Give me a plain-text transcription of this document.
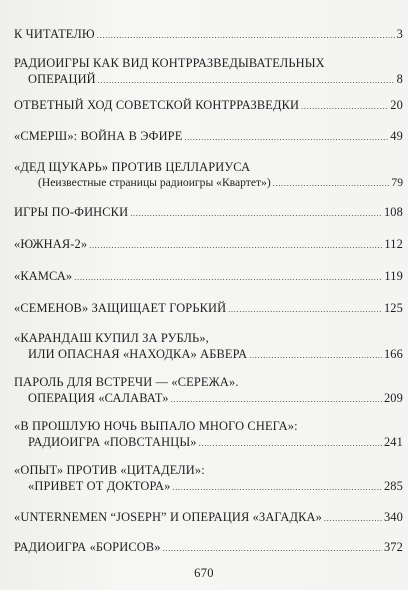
К ЧИТАТЕЛЮ . . .	3
РАДИОИГРЫ КАК ВИД КОНТРРАЗВЕДЫВАТЕЛЬНЫХ
ОПЕРАЦИЙ . . .	8
ОТВЕТНЫЙ ХОД СОВЕТСКОЙ КОНТРРАЗВЕДКИ . . .	20
«СМЕРШ»: ВОЙНА В ЭФИРЕ . . .	49
«ДЕД ЩУКАРЬ» ПРОТИВ ЦЕЛЛАРИУСА
(Неизвестные страницы радиоигры «Квартет») . . .	79
ИГРЫ ПО-ФИНСКИ . . .	108
«ЮЖНАЯ-2» . . .	112
«КАМСА» . . .	119
«СЕМЕНОВ» ЗАЩИЩАЕТ ГОРЬКИЙ . . .	125
«КАРАНДАШ КУПИЛ ЗА РУБЛЬ»,
ИЛИ ОПАСНАЯ «НАХОДКА» АБВЕРА . . .	166
ПАРОЛЬ ДЛЯ ВСТРЕЧИ — «СЕРЕЖА».
ОПЕРАЦИЯ «САЛАВАТ» . . .	209
«В ПРОШЛУЮ НОЧЬ ВЫПАЛО МНОГО СНЕГА»:
РАДИОИГРА «ПОВСТАНЦЫ» . . .	241
«ОПЫТ» ПРОТИВ «ЦИТАДЕЛИ»:
«ПРИВЕТ ОТ ДОКТОРА» . . .	285
«UNTERNEMEN “JOSEPH” И ОПЕРАЦИЯ «ЗАГАДКА» . . .	340
РАДИОИГРА «БОРИСОВ» . . .	372
670
